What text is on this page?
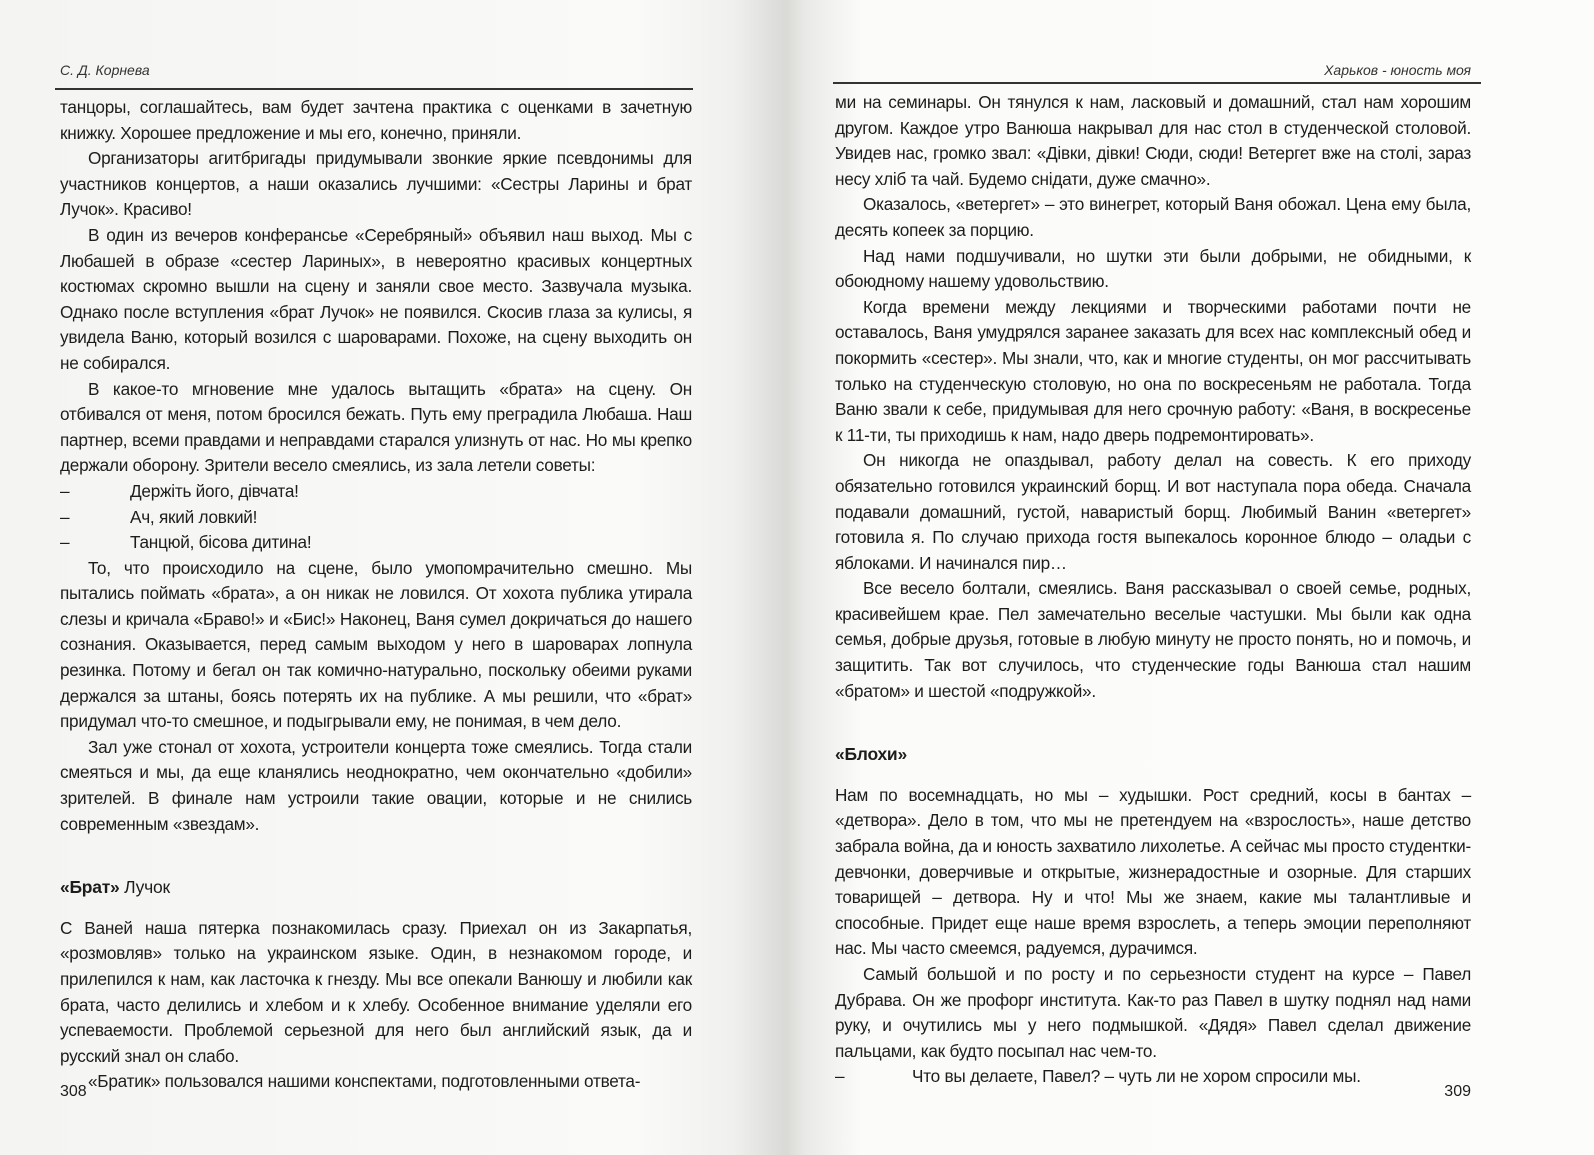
С. Д. Корнева

танцоры, соглашайтесь, вам будет зачтена практика с оценками в зачетную книжку. Хорошее предложение и мы его, конечно, приняли.

Организаторы агитбригады придумывали звонкие яркие псевдонимы для участников концертов, а наши оказались лучшими: «Сестры Ларины и брат Лучок». Красиво!

В один из вечеров конферансье «Серебряный» объявил наш выход. Мы с Любашей в образе «сестер Лариных», в невероятно красивых концертных костюмах скромно вышли на сцену и заняли свое место. Зазвучала музыка. Однако после вступления «брат Лучок» не появился. Скосив глаза за кулисы, я увидела Ваню, который возился с шароварами. Похоже, на сцену выходить он не собирался.

В какое-то мгновение мне удалось вытащить «брата» на сцену. Он отбивался от меня, потом бросился бежать. Путь ему преградила Любаша. Наш партнер, всеми правдами и неправдами старался улизнуть от нас. Но мы крепко держали оборону. Зрители весело смеялись, из зала летели советы:

–	Держіть його, дівчата!
–	Ач, який ловкий!
–	Танцюй, бісова дитина!

То, что происходило на сцене, было умопомрачительно смешно. Мы пытались поймать «брата», а он никак не ловился. От хохота публика утирала слезы и кричала «Браво!» и «Бис!» Наконец, Ваня сумел докричаться до нашего сознания. Оказывается, перед самым выходом у него в шароварах лопнула резинка. Потому и бегал он так комично-натурально, поскольку обеими руками держался за штаны, боясь потерять их на публике. А мы решили, что «брат» придумал что-то смешное, и подыгрывали ему, не понимая, в чем дело.

Зал уже стонал от хохота, устроители концерта тоже смеялись. Тогда стали смеяться и мы, да еще кланялись неоднократно, чем окончательно «добили» зрителей. В финале нам устроили такие овации, которые и не снились современным «звездам».

«Брат» Лучок

С Ваней наша пятерка познакомилась сразу. Приехал он из Закарпатья, «розмовляв» только на украинском языке. Один, в незнакомом городе, и прилепился к нам, как ласточка к гнезду. Мы все опекали Ванюшу и любили как брата, часто делились и хлебом и к хлебу. Особенное внимание уделяли его успеваемости. Проблемой серьезной для него был английский язык, да и русский знал он слабо.

«Братик» пользовался нашими конспектами, подготовленными ответа-

308
Харьков - юность моя

ми на семинары. Он тянулся к нам, ласковый и домашний, стал нам хорошим другом. Каждое утро Ванюша накрывал для нас стол в студенческой столовой. Увидев нас, громко звал: «Дівки, дівки! Сюди, сюди! Ветергет вже на столі, зараз несу хліб та чай. Будемо снідати, дуже смачно».

Оказалось, «ветергет» – это винегрет, который Ваня обожал. Цена ему была, десять копеек за порцию.

Над нами подшучивали, но шутки эти были добрыми, не обидными, к обоюдному нашему удовольствию.

Когда времени между лекциями и творческими работами почти не оставалось, Ваня умудрялся заранее заказать для всех нас комплексный обед и покормить «сестер». Мы знали, что, как и многие студенты, он мог рассчитывать только на студенческую столовую, но она по воскресеньям не работала. Тогда Ваню звали к себе, придумывая для него срочную работу: «Ваня, в воскресенье к 11-ти, ты приходишь к нам, надо дверь подремонтировать».

Он никогда не опаздывал, работу делал на совесть. К его приходу обязательно готовился украинский борщ. И вот наступала пора обеда. Сначала подавали домашний, густой, наваристый борщ. Любимый Ванин «ветергет» готовила я. По случаю прихода гостя выпекалось коронное блюдо – оладьи с яблоками. И начинался пир…

Все весело болтали, смеялись. Ваня рассказывал о своей семье, родных, красивейшем крае. Пел замечательно веселые частушки. Мы были как одна семья, добрые друзья, готовые в любую минуту не просто понять, но и помочь, и защитить. Так вот случилось, что студенческие годы Ванюша стал нашим «братом» и шестой «подружкой».

«Блохи»

Нам по восемнадцать, но мы – худышки. Рост средний, косы в бантах – «детвора». Дело в том, что мы не претендуем на «взрослость», наше детство забрала война, да и юность захватило лихолетье. А сейчас мы просто студентки-девчонки, доверчивые и открытые, жизнерадостные и озорные. Для старших товарищей – детвора. Ну и что! Мы же знаем, какие мы талантливые и способные. Придет еще наше время взрослеть, а теперь эмоции переполняют нас. Мы часто смеемся, радуемся, дурачимся.

Самый большой и по росту и по серьезности студент на курсе – Павел Дубрава. Он же профорг института. Как-то раз Павел в шутку поднял над нами руку, и очутились мы у него подмышкой. «Дядя» Павел сделал движение пальцами, как будто посыпал нас чем-то.

–	Что вы делаете, Павел? – чуть ли не хором спросили мы.
309
